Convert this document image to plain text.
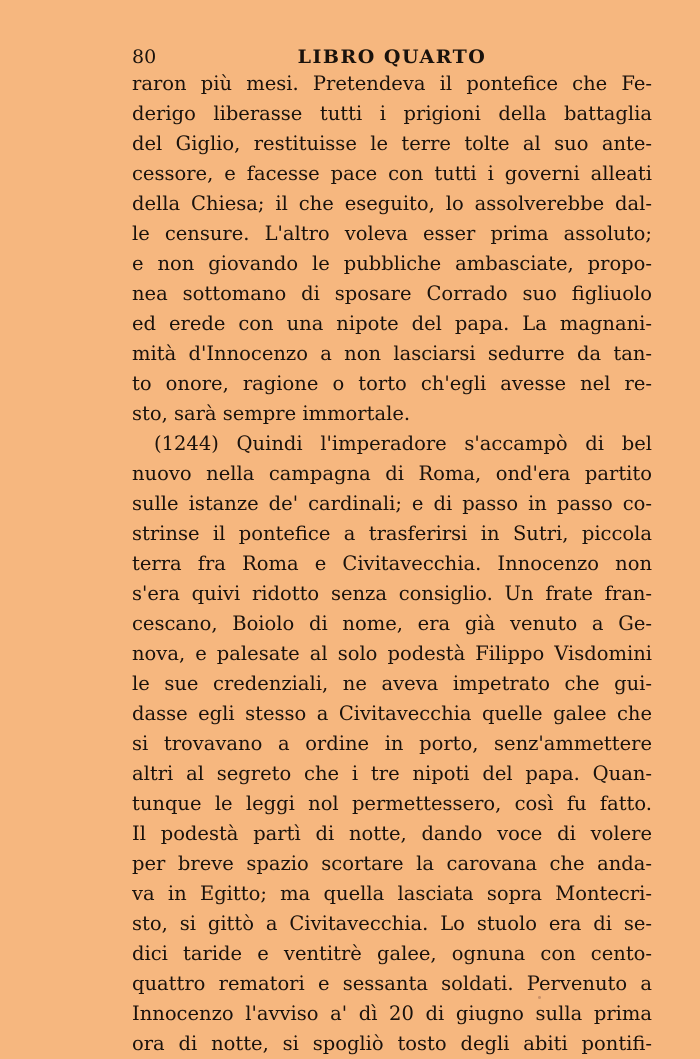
80	LIBRO QUARTO
raron più mesi. Pretendeva il pontefice che Fe-
derigo liberasse tutti i prigioni della battaglia
del Giglio, restituisse le terre tolte al suo ante-
cessore, e facesse pace con tutti i governi alleati
della Chiesa; il che eseguito, lo assolverebbe dal-
le censure. L'altro voleva esser prima assoluto;
e non giovando le pubbliche ambasciate, propo-
nea sottomano di sposare Corrado suo figliuolo
ed erede con una nipote del papa. La magnani-
mità d'Innocenzo a non lasciarsi sedurre da tan-
to onore, ragione o torto ch'egli avesse nel re-
sto, sarà sempre immortale.
(1244) Quindi l'imperadore s'accampò di bel
nuovo nella campagna di Roma, ond'era partito
sulle istanze de' cardinali; e di passo in passo co-
strinse il pontefice a trasferirsi in Sutri, piccola
terra fra Roma e Civitavecchia. Innocenzo non
s'era quivi ridotto senza consiglio. Un frate fran-
cescano, Boiolo di nome, era già venuto a Ge-
nova, e palesate al solo podestà Filippo Visdomini
le sue credenziali, ne aveva impetrato che gui-
dasse egli stesso a Civitavecchia quelle galee che
si trovavano a ordine in porto, senz'ammettere
altri al segreto che i tre nipoti del papa. Quan-
tunque le leggi nol permettessero, così fu fatto.
Il podestà partì di notte, dando voce di volere
per breve spazio scortare la carovana che anda-
va in Egitto; ma quella lasciata sopra Montecri-
sto, si gittò a Civitavecchia. Lo stuolo era di se-
dici taride e ventitrè galee, ognuna con cento-
quattro rematori e sessanta soldati. Pervenuto a
Innocenzo l'avviso a' dì 20 di giugno sulla prima
ora di notte, si spogliò tosto degli abiti pontifi-
